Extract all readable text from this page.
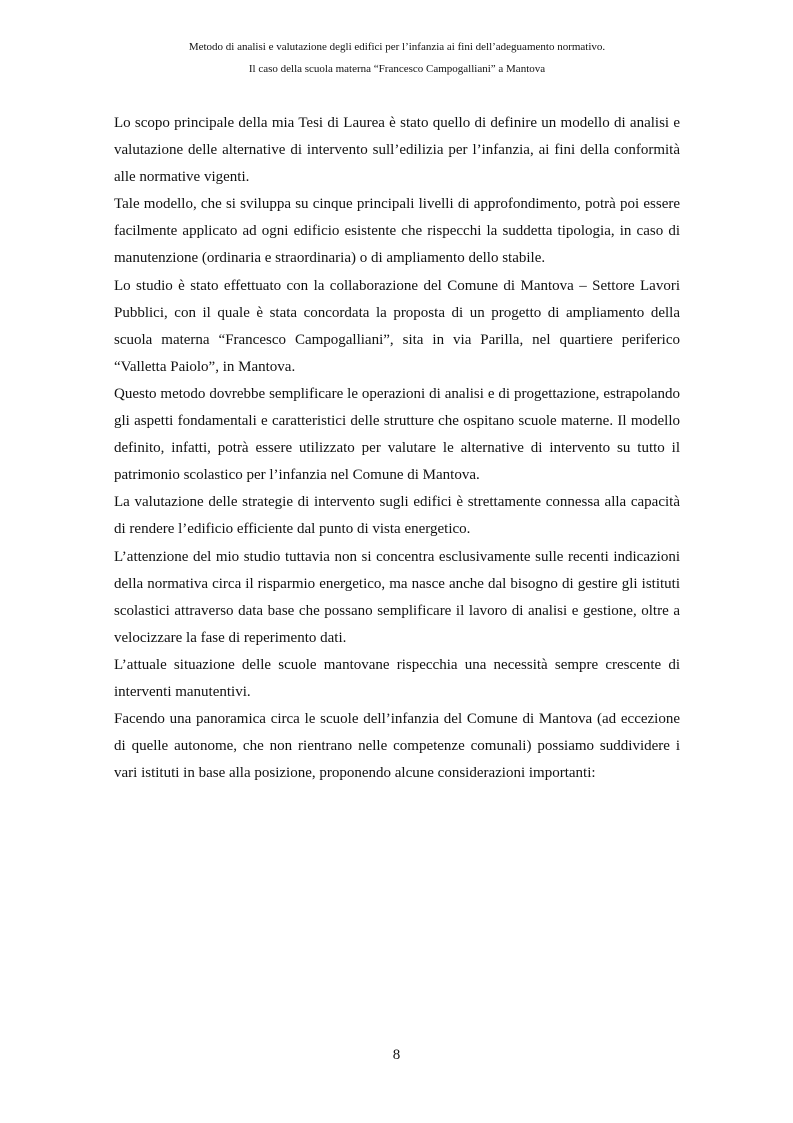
Metodo di analisi e valutazione degli edifici per l’infanzia ai fini dell’adeguamento normativo.
Il caso della scuola materna “Francesco Campogalliani” a Mantova

Lo scopo principale della mia Tesi di Laurea è stato quello di definire un modello di analisi e valutazione delle alternative di intervento sull’edilizia per l’infanzia, ai fini della conformità alle normative vigenti.

Tale modello, che si sviluppa su cinque principali livelli di approfondimento, potrà poi essere facilmente applicato ad ogni edificio esistente che rispecchi la suddetta tipologia, in caso di manutenzione (ordinaria e straordinaria) o di ampliamento dello stabile.

Lo studio è stato effettuato con la collaborazione del Comune di Mantova – Settore Lavori Pubblici, con il quale è stata concordata la proposta di un progetto di ampliamento della scuola materna “Francesco Campogalliani”, sita in via Parilla, nel quartiere periferico “Valletta Paiolo”, in Mantova.

Questo metodo dovrebbe semplificare le operazioni di analisi e di progettazione, estrapolando gli aspetti fondamentali e caratteristici delle strutture che ospitano scuole materne. Il modello definito, infatti, potrà essere utilizzato per valutare le alternative di intervento su tutto il patrimonio scolastico per l’infanzia nel Comune di Mantova.

La valutazione delle strategie di intervento sugli edifici è strettamente connessa alla capacità di rendere l’edificio efficiente dal punto di vista energetico.

L’attenzione del mio studio tuttavia non si concentra esclusivamente sulle recenti indicazioni della normativa circa il risparmio energetico, ma nasce anche dal bisogno di gestire gli istituti scolastici attraverso data base che possano semplificare il lavoro di analisi e gestione, oltre a velocizzare la fase di reperimento dati.

L’attuale situazione delle scuole mantovane rispecchia una necessità sempre crescente di interventi manutentivi.

Facendo una panoramica circa le scuole dell’infanzia del Comune di Mantova (ad eccezione di quelle autonome, che non rientrano nelle competenze comunali) possiamo suddividere i vari istituti in base alla posizione, proponendo alcune considerazioni importanti:

8
